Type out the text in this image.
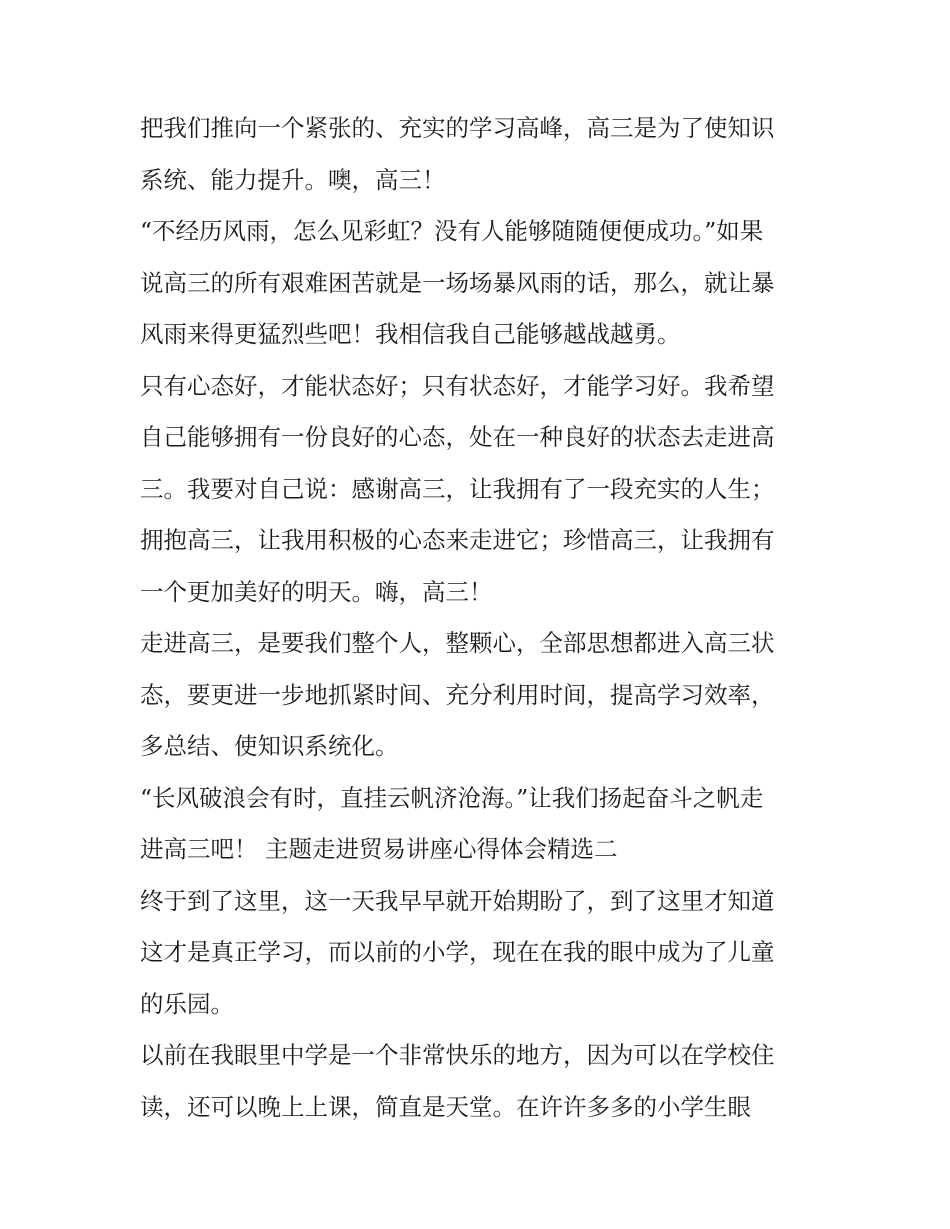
把我们推向一个紧张的、充实的学习高峰，高三是为了使知识
系统、能力提升。噢，高三！
“不经历风雨，怎么见彩虹？没有人能够随随便便成功。”如果
说高三的所有艰难困苦就是一场场暴风雨的话，那么，就让暴
风雨来得更猛烈些吧！我相信我自己能够越战越勇。
只有心态好，才能状态好；只有状态好，才能学习好。我希望
自己能够拥有一份良好的心态，处在一种良好的状态去走进高
三。我要对自己说：感谢高三，让我拥有了一段充实的人生；
拥抱高三，让我用积极的心态来走进它；珍惜高三，让我拥有
一个更加美好的明天。嗨，高三！
走进高三，是要我们整个人，整颗心，全部思想都进入高三状
态，要更进一步地抓紧时间、充分利用时间，提高学习效率，
多总结、使知识系统化。
“长风破浪会有时，直挂云帆济沧海。”让我们扬起奋斗之帆走
进高三吧！ 主题走进贸易讲座心得体会精选二
终于到了这里，这一天我早早就开始期盼了，到了这里才知道
这才是真正学习，而以前的小学，现在在我的眼中成为了儿童
的乐园。
以前在我眼里中学是一个非常快乐的地方，因为可以在学校住
读，还可以晚上上课，简直是天堂。在许许多多的小学生眼
